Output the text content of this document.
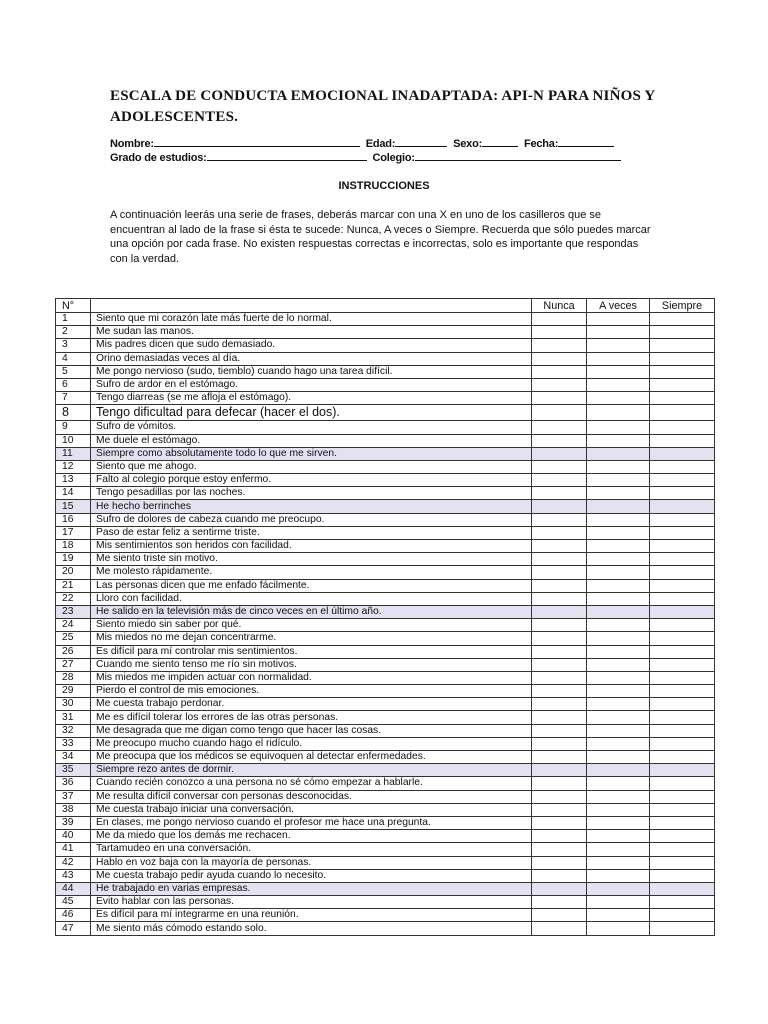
ESCALA DE CONDUCTA EMOCIONAL INADAPTADA: API-N PARA NIÑOS Y ADOLESCENTES.
Nombre:	Edad:	Sexo:	Fecha:
Grado de estudios:	Colegio:
INSTRUCCIONES
A continuación leerás una serie de frases, deberás marcar con una X en uno de los casilleros que se encuentran al lado de la frase si ésta te sucede: Nunca, A veces o Siempre. Recuerda que sólo puedes marcar una opción por cada frase. No existen respuestas correctas e incorrectas, solo es importante que respondas con la verdad.
N°		Nunca	A veces	Siempre
1	Siento que mi corazón late más fuerte de lo normal.			
2	Me sudan las manos.			
3	Mis padres dicen que sudo demasiado.			
4	Orino demasiadas veces al día.			
5	Me pongo nervioso (sudo, tiemblo) cuando hago una tarea difícil.			
6	Sufro de ardor en el estómago.			
7	Tengo diarreas (se me afloja el estómago).			
8	Tengo dificultad para defecar (hacer el dos).			
9	Sufro de vómitos.			
10	Me duele el estómago.			
11	Siempre como absolutamente todo lo que me sirven.			
12	Siento que me ahogo.			
13	Falto al colegio porque estoy enfermo.			
14	Tengo pesadillas por las noches.			
15	He hecho berrinches			
16	Sufro de dolores de cabeza cuando me preocupo.			
17	Paso de estar feliz a sentirme triste.			
18	Mis sentimientos son heridos con facilidad.			
19	Me siento triste sin motivo.			
20	Me molesto rápidamente.			
21	Las personas dicen que me enfado fácilmente.			
22	Lloro con facilidad.			
23	He salido en la televisión más de cinco veces en el último año.			
24	Siento miedo sin saber por qué.			
25	Mis miedos no me dejan concentrarme.			
26	Es difícil para mí controlar mis sentimientos.			
27	Cuando me siento tenso me río sin motivos.			
28	Mis miedos me impiden actuar con normalidad.			
29	Pierdo el control de mis emociones.			
30	Me cuesta trabajo perdonar.			
31	Me es difícil tolerar los errores de las otras personas.			
32	Me desagrada que me digan como tengo que hacer las cosas.			
33	Me preocupo mucho cuando hago el ridículo.			
34	Me preocupa que los médicos se equivoquen al detectar enfermedades.			
35	Siempre rezo antes de dormir.			
36	Cuando recién conozco a una persona no sé cómo empezar a hablarle.			
37	Me resulta difícil conversar con personas desconocidas.			
38	Me cuesta trabajo iniciar una conversación.			
39	En clases, me pongo nervioso cuando el profesor me hace una pregunta.			
40	Me da miedo que los demás me rechacen.			
41	Tartamudeo en una conversación.			
42	Hablo en voz baja con la mayoría de personas.			
43	Me cuesta trabajo pedir ayuda cuando lo necesito.			
44	He trabajado en varias empresas.			
45	Evito hablar con las personas.			
46	Es difícil para mí integrarme en una reunión.			
47	Me siento más cómodo estando solo.			
